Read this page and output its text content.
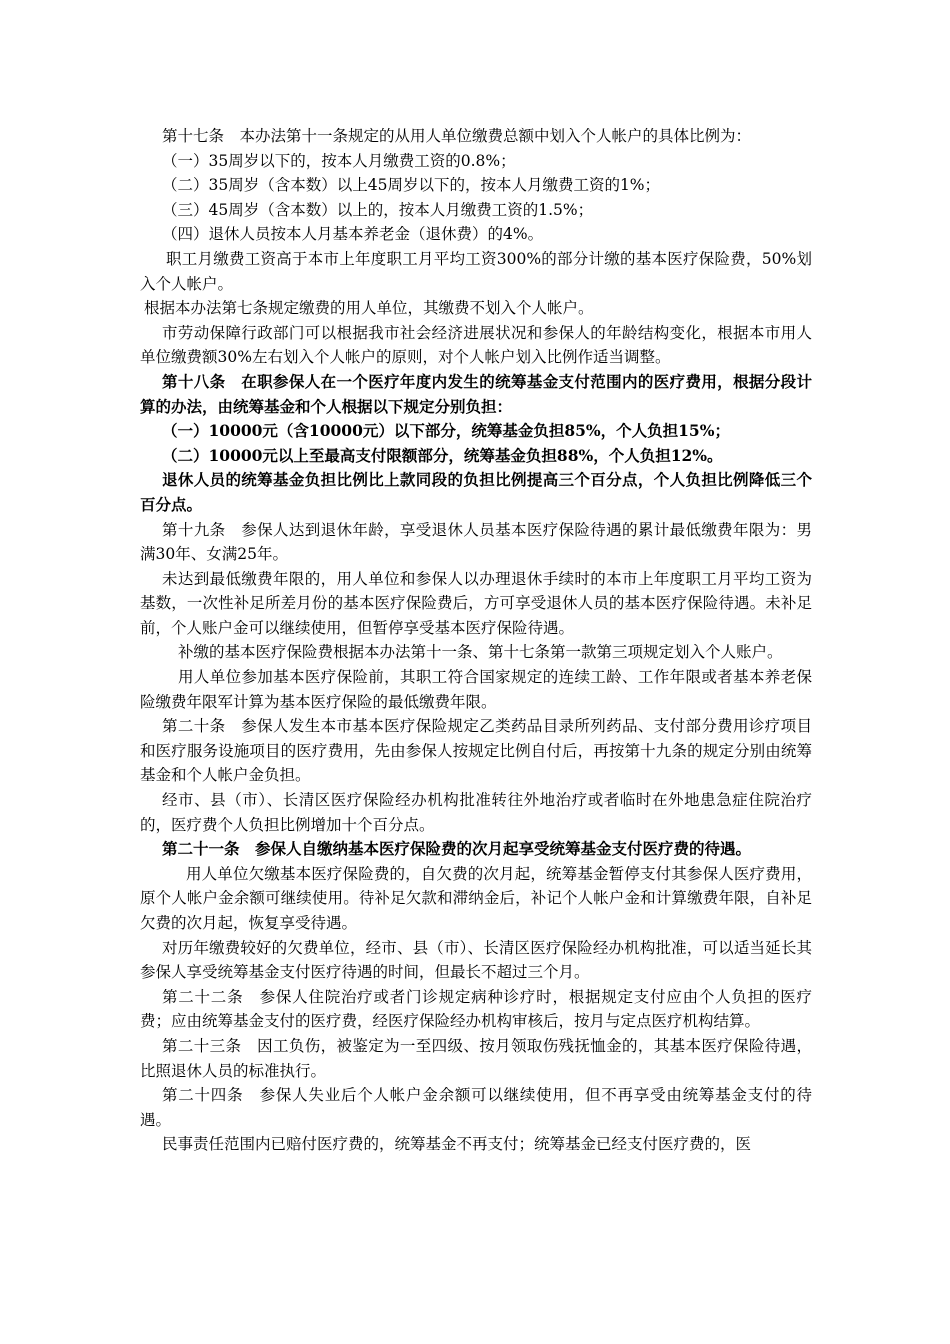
第十七条　本办法第十一条规定的从用人单位缴费总额中划入个人帐户的具体比例为：

（一）35周岁以下的，按本人月缴费工资的0.8%；

（二）35周岁（含本数）以上45周岁以下的，按本人月缴费工资的1%；

（三）45周岁（含本数）以上的，按本人月缴费工资的1.5%；

（四）退休人员按本人月基本养老金（退休费）的4%。

职工月缴费工资高于本市上年度职工月平均工资300%的部分计缴的基本医疗保险费，50%划入个人帐户。

根据本办法第七条规定缴费的用人单位，其缴费不划入个人帐户。

市劳动保障行政部门可以根据我市社会经济进展状况和参保人的年龄结构变化，根据本市用人单位缴费额30%左右划入个人帐户的原则，对个人帐户划入比例作适当调整。

第十八条　在职参保人在一个医疗年度内发生的统筹基金支付范围内的医疗费用，根据分段计算的办法，由统筹基金和个人根据以下规定分别负担：

（一）10000元（含10000元）以下部分，统筹基金负担85%，个人负担15%；

（二）10000元以上至最高支付限额部分，统筹基金负担88%，个人负担12%。

退休人员的统筹基金负担比例比上款同段的负担比例提高三个百分点，个人负担比例降低三个百分点。

第十九条　参保人达到退休年龄，享受退休人员基本医疗保险待遇的累计最低缴费年限为：男满30年、女满25年。

未达到最低缴费年限的，用人单位和参保人以办理退休手续时的本市上年度职工月平均工资为基数，一次性补足所差月份的基本医疗保险费后，方可享受退休人员的基本医疗保险待遇。未补足前，个人账户金可以继续使用，但暂停享受基本医疗保险待遇。

补缴的基本医疗保险费根据本办法第十一条、第十七条第一款第三项规定划入个人账户。

用人单位参加基本医疗保险前，其职工符合国家规定的连续工龄、工作年限或者基本养老保险缴费年限军计算为基本医疗保险的最低缴费年限。

第二十条　参保人发生本市基本医疗保险规定乙类药品目录所列药品、支付部分费用诊疗项目和医疗服务设施项目的医疗费用，先由参保人按规定比例自付后，再按第十九条的规定分别由统筹基金和个人帐户金负担。

经市、县（市）、长清区医疗保险经办机构批准转往外地治疗或者临时在外地患急症住院治疗的，医疗费个人负担比例增加十个百分点。

第二十一条　参保人自缴纳基本医疗保险费的次月起享受统筹基金支付医疗费的待遇。

用人单位欠缴基本医疗保险费的，自欠费的次月起，统筹基金暂停支付其参保人医疗费用，原个人帐户金余额可继续使用。待补足欠款和滞纳金后，补记个人帐户金和计算缴费年限，自补足欠费的次月起，恢复享受待遇。

对历年缴费较好的欠费单位，经市、县（市）、长清区医疗保险经办机构批准，可以适当延长其参保人享受统筹基金支付医疗待遇的时间，但最长不超过三个月。

第二十二条　参保人住院治疗或者门诊规定病种诊疗时，根据规定支付应由个人负担的医疗费；应由统筹基金支付的医疗费，经医疗保险经办机构审核后，按月与定点医疗机构结算。

第二十三条　因工负伤，被鉴定为一至四级、按月领取伤残抚恤金的，其基本医疗保险待遇，比照退休人员的标准执行。

第二十四条　参保人失业后个人帐户金余额可以继续使用，但不再享受由统筹基金支付的待遇。

民事责任范围内已赔付医疗费的，统筹基金不再支付；统筹基金已经支付医疗费的，医
